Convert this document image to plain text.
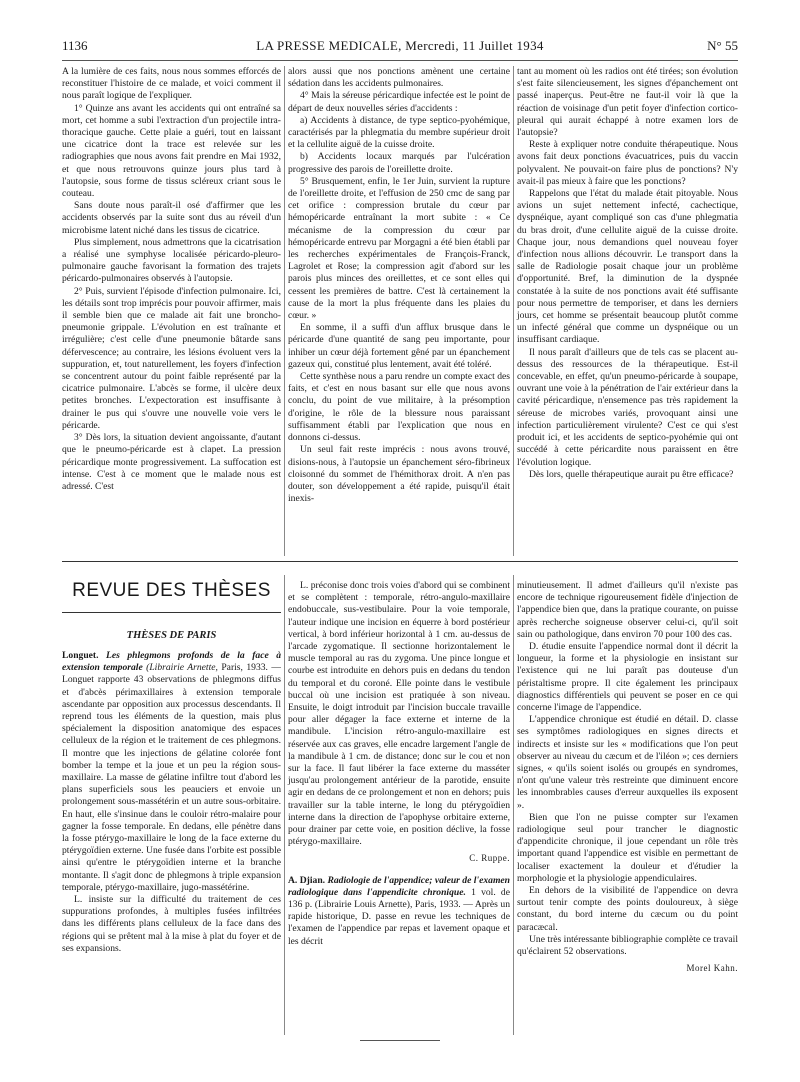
1136	LA PRESSE MEDICALE, Mercredi, 11 Juillet 1934	N° 55

A la lumière de ces faits, nous nous sommes efforcés de reconstituer l'histoire de ce malade, et voici comment il nous paraît logique de l'expliquer.

1° Quinze ans avant les accidents qui ont entraîné sa mort, cet homme a subi l'extraction d'un projectile intra-thoracique gauche. Cette plaie a guéri, tout en laissant une cicatrice dont la trace est relevée sur les radiographies que nous avons fait prendre en Mai 1932, et que nous retrouvons quinze jours plus tard à l'autopsie, sous forme de tissus scléreux criant sous le couteau.

Sans doute nous paraît-il osé d'affirmer que les accidents observés par la suite sont dus au réveil d'un microbisme latent niché dans les tissus de cicatrice.

Plus simplement, nous admettrons que la cicatrisation a réalisé une symphyse localisée péricardo-pleuro-pulmonaire gauche favorisant la formation des trajets péricardo-pulmonaires observés à l'autopsie.

2° Puis, survient l'épisode d'infection pulmonaire. Ici, les détails sont trop imprécis pour pouvoir affirmer, mais il semble bien que ce malade ait fait une broncho-pneumonie grippale. L'évolution en est traînante et irrégulière; c'est celle d'une pneumonie bâtarde sans défervescence; au contraire, les lésions évoluent vers la suppuration, et, tout naturellement, les foyers d'infection se concentrent autour du point faible représenté par la cicatrice pulmonaire. L'abcès se forme, il ulcère deux petites bronches. L'expectoration est insuffisante à drainer le pus qui s'ouvre une nouvelle voie vers le péricarde.

3° Dès lors, la situation devient angoissante, d'autant que le pneumo-péricarde est à clapet. La pression péricardique monte progressivement. La suffocation est intense. C'est à ce moment que le malade nous est adressé. C'est

alors aussi que nos ponctions amènent une certaine sédation dans les accidents pulmonaires.

4° Mais la séreuse péricardique infectée est le point de départ de deux nouvelles séries d'accidents :

a) Accidents à distance, de type septico-pyohémique, caractérisés par la phlegmatia du membre supérieur droit et la cellulite aiguë de la cuisse droite.

b) Accidents locaux marqués par l'ulcération progressive des parois de l'oreillette droite.

5° Brusquement, enfin, le 1er Juin, survient la rupture de l'oreillette droite, et l'effusion de 250 cmc de sang par cet orifice : compression brutale du cœur par hémopéricarde entraînant la mort subite : « Ce mécanisme de la compression du cœur par hémopéricarde entrevu par Morgagni a été bien établi par les recherches expérimentales de François-Franck, Lagrolet et Rose; la compression agit d'abord sur les parois plus minces des oreillettes, et ce sont elles qui cessent les premières de battre. C'est là certainement la cause de la mort la plus fréquente dans les plaies du cœur. »

En somme, il a suffi d'un afflux brusque dans le péricarde d'une quantité de sang peu importante, pour inhiber un cœur déjà fortement gêné par un épanchement gazeux qui, constitué plus lentement, avait été toléré.

Cette synthèse nous a paru rendre un compte exact des faits, et c'est en nous basant sur elle que nous avons conclu, du point de vue militaire, à la présomption d'origine, le rôle de la blessure nous paraissant suffisamment établi par l'explication que nous en donnons ci-dessus.

Un seul fait reste imprécis : nous avons trouvé, disions-nous, à l'autopsie un épanchement séro-fibrineux cloisonné du sommet de l'hémithorax droit. A n'en pas douter, son développement a été rapide, puisqu'il était inexis-

tant au moment où les radios ont été tirées; son évolution s'est faite silencieusement, les signes d'épanchement ont passé inaperçus. Peut-être ne faut-il voir là que la réaction de voisinage d'un petit foyer d'infection cortico-pleural qui aurait échappé à notre examen lors de l'autopsie?

Reste à expliquer notre conduite thérapeutique. Nous avons fait deux ponctions évacuatrices, puis du vaccin polyvalent. Ne pouvait-on faire plus de ponctions? N'y avait-il pas mieux à faire que les ponctions?

Rappelons que l'état du malade était pitoyable. Nous avions un sujet nettement infecté, cachectique, dyspnéique, ayant compliqué son cas d'une phlegmatia du bras droit, d'une cellulite aiguë de la cuisse droite. Chaque jour, nous demandions quel nouveau foyer d'infection nous allions découvrir. Le transport dans la salle de Radiologie posait chaque jour un problème d'opportunité. Bref, la diminution de la dyspnée constatée à la suite de nos ponctions avait été suffisante pour nous permettre de temporiser, et dans les derniers jours, cet homme se présentait beaucoup plutôt comme un infecté général que comme un dyspnéique ou un insuffisant cardiaque.

Il nous paraît d'ailleurs que de tels cas se placent au-dessus des ressources de la thérapeutique. Est-il concevable, en effet, qu'un pneumo-péricarde à soupape, ouvrant une voie à la pénétration de l'air extérieur dans la cavité péricardique, n'ensemence pas très rapidement la séreuse de microbes variés, provoquant ainsi une infection particulièrement virulente? C'est ce qui s'est produit ici, et les accidents de septico-pyohémie qui ont succédé à cette péricardite nous paraissent en être l'évolution logique.

Dès lors, quelle thérapeutique aurait pu être efficace?

REVUE DES THÈSES
THÈSES DE PARIS

Longuet. Les phlegmons profonds de la face à extension temporale (Librairie Arnette, Paris, 1933. — Longuet rapporte 43 observations de phlegmons diffus et d'abcès périmaxillaires à extension temporale ascendante par opposition aux processus descendants. Il reprend tous les éléments de la question, mais plus spécialement la disposition anatomique des espaces celluleux de la région et le traitement de ces phlegmons. Il montre que les injections de gélatine colorée font bomber la tempe et la joue et un peu la région sous-maxillaire. La masse de gélatine infiltre tout d'abord les plans superficiels sous les peauciers et envoie un prolongement sous-massétérin et un autre sous-orbitaire. En haut, elle s'insinue dans le couloir rétro-malaire pour gagner la fosse temporale. En dedans, elle pénètre dans la fosse ptérygo-maxillaire le long de la face externe du ptérygoïdien externe. Une fusée dans l'orbite est possible ainsi qu'entre le ptérygoïdien interne et la branche montante. Il s'agit donc de phlegmons à triple expansion temporale, ptérygo-maxillaire, jugo-massétérine.

L. insiste sur la difficulté du traitement de ces suppurations profondes, à multiples fusées infiltrées dans les différents plans celluleux de la face dans des régions qui se prêtent mal à la mise à plat du foyer et de ses expansions.

L. préconise donc trois voies d'abord qui se combinent et se complètent : temporale, rétro-angulo-maxillaire endobuccale, sus-vestibulaire. Pour la voie temporale, l'auteur indique une incision en équerre à bord postérieur vertical, à bord inférieur horizontal à 1 cm. au-dessus de l'arcade zygomatique. Il sectionne horizontalement le muscle temporal au ras du zygoma. Une pince longue et courbe est introduite en dehors puis en dedans du tendon du temporal et du coroné. Elle pointe dans le vestibule buccal où une incision est pratiquée à son niveau. Ensuite, le doigt introduit par l'incision buccale travaille pour aller dégager la face externe et interne de la mandibule. L'incision rétro-angulo-maxillaire est réservée aux cas graves, elle encadre largement l'angle de la mandibule à 1 cm. de distance; donc sur le cou et non sur la face. Il faut libérer la face externe du masséter jusqu'au prolongement antérieur de la parotide, ensuite agir en dedans de ce prolongement et non en dehors; puis travailler sur la table interne, le long du ptérygoïdien interne dans la direction de l'apophyse orbitaire externe, pour drainer par cette voie, en position déclive, la fosse ptérygo-maxillaire.

C. Ruppe.

A. Djian. Radiologie de l'appendice; valeur de l'examen radiologique dans l'appendicite chronique. 1 vol. de 136 p. (Librairie Louis Arnette), Paris, 1933. — Après un rapide historique, D. passe en revue les techniques de l'examen de l'appendice par repas et lavement opaque et les décrit

minutieusement. Il admet d'ailleurs qu'il n'existe pas encore de technique rigoureusement fidèle d'injection de l'appendice bien que, dans la pratique courante, on puisse après recherche soigneuse observer celui-ci, qu'il soit sain ou pathologique, dans environ 70 pour 100 des cas.

D. étudie ensuite l'appendice normal dont il décrit la longueur, la forme et la physiologie en insistant sur l'existence qui ne lui paraît pas douteuse d'un péristaltisme propre. Il cite également les principaux diagnostics différentiels qui peuvent se poser en ce qui concerne l'image de l'appendice.

L'appendice chronique est étudié en détail. D. classe ses symptômes radiologiques en signes directs et indirects et insiste sur les « modifications que l'on peut observer au niveau du cæcum et de l'iléon »; ces derniers signes, « qu'ils soient isolés ou groupés en syndromes, n'ont qu'une valeur très restreinte que diminuent encore les innombrables causes d'erreur auxquelles ils exposent ».

Bien que l'on ne puisse compter sur l'examen radiologique seul pour trancher le diagnostic d'appendicite chronique, il joue cependant un rôle très important quand l'appendice est visible en permettant de localiser exactement la douleur et d'étudier la morphologie et la physiologie appendiculaires.

En dehors de la visibilité de l'appendice on devra surtout tenir compte des points douloureux, à siège constant, du bord interne du cæcum ou du point paracæcal.

Une très intéressante bibliographie complète ce travail qu'éclairent 52 observations.

Morel Kahn.
